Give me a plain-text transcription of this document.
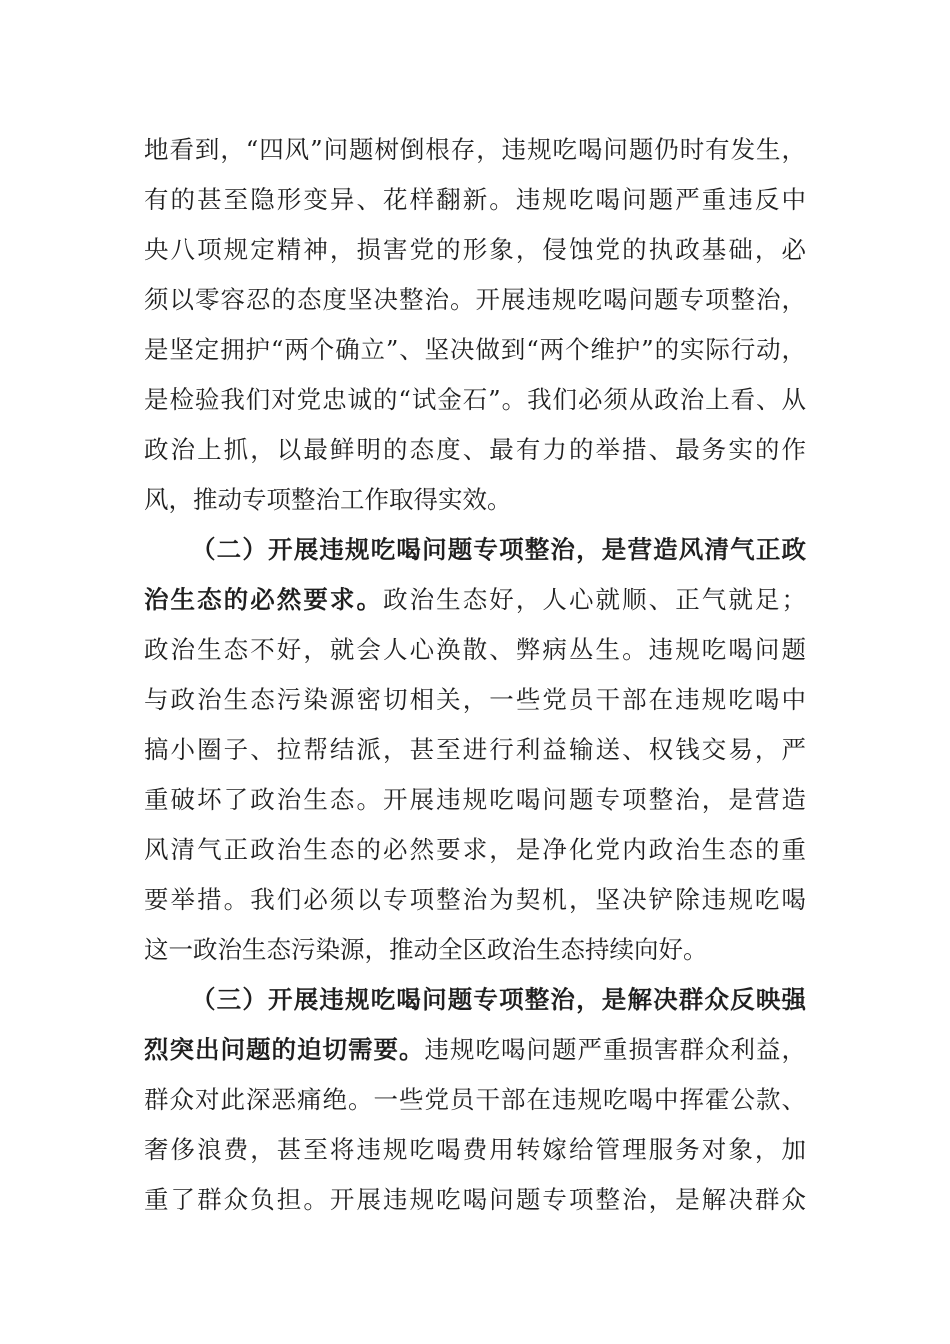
地看到，“四风”问题树倒根存，违规吃喝问题仍时有发生，
有的甚至隐形变异、花样翻新。违规吃喝问题严重违反中
央八项规定精神，损害党的形象，侵蚀党的执政基础，必
须以零容忍的态度坚决整治。开展违规吃喝问题专项整治，
是坚定拥护“两个确立”、坚决做到“两个维护”的实际行动，
是检验我们对党忠诚的“试金石”。我们必须从政治上看、从
政治上抓，以最鲜明的态度、最有力的举措、最务实的作
风，推动专项整治工作取得实效。
（二）开展违规吃喝问题专项整治，是营造风清气正政
治生态的必然要求。政治生态好，人心就顺、正气就足；
政治生态不好，就会人心涣散、弊病丛生。违规吃喝问题
与政治生态污染源密切相关，一些党员干部在违规吃喝中
搞小圈子、拉帮结派，甚至进行利益输送、权钱交易，严
重破坏了政治生态。开展违规吃喝问题专项整治，是营造
风清气正政治生态的必然要求，是净化党内政治生态的重
要举措。我们必须以专项整治为契机，坚决铲除违规吃喝
这一政治生态污染源，推动全区政治生态持续向好。
（三）开展违规吃喝问题专项整治，是解决群众反映强
烈突出问题的迫切需要。违规吃喝问题严重损害群众利益，
群众对此深恶痛绝。一些党员干部在违规吃喝中挥霍公款、
奢侈浪费，甚至将违规吃喝费用转嫁给管理服务对象，加
重了群众负担。开展违规吃喝问题专项整治，是解决群众
